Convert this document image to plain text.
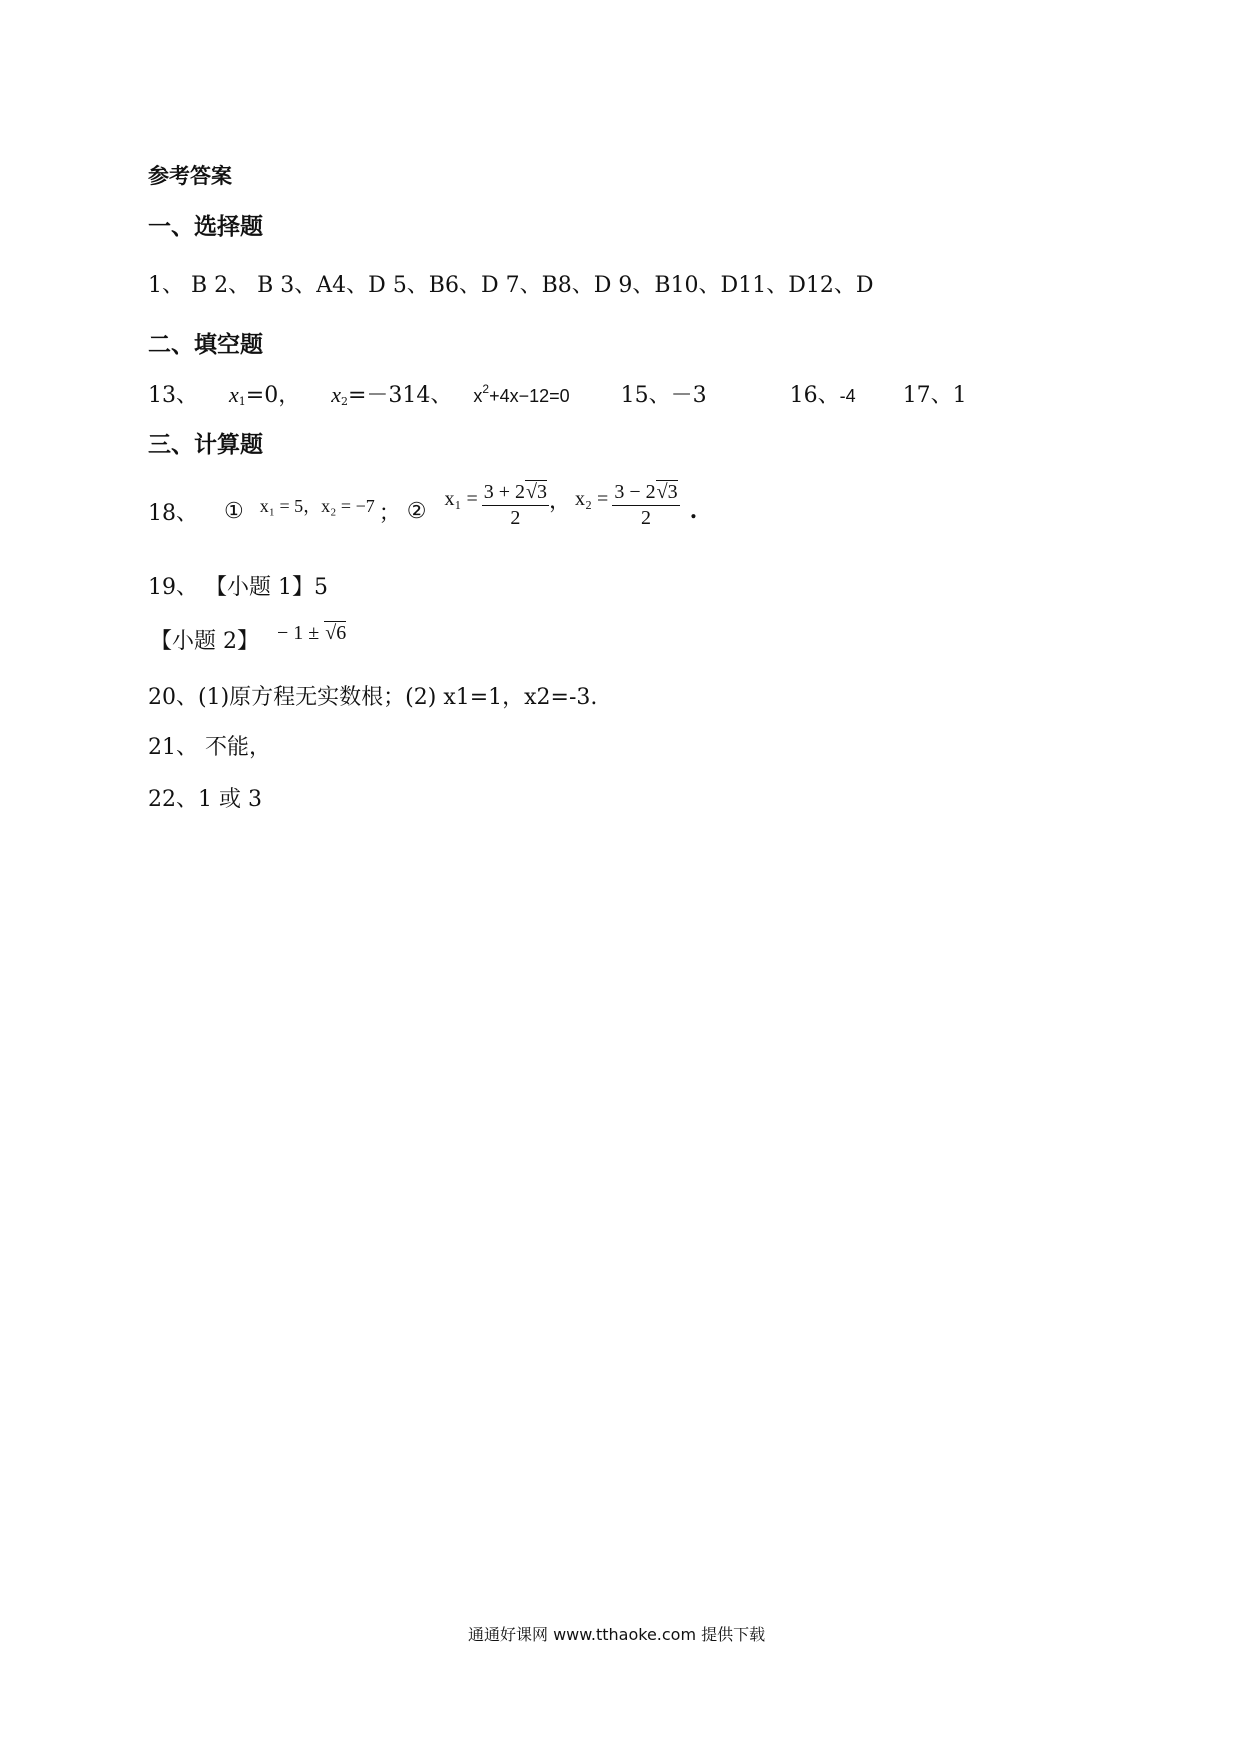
参考答案
一、选择题
1、 B 2、 B 3、A4、D 5、B6、D 7、B8、D 9、B10、D11、D12、D
二、填空题
13、 $x_1=0$， $x_2=-314$、 $x^2+4x-12=0$ 15、－3	16、-4 17、1
三、计算题
18、 ① x₁ = 5，x₂ = −7 ； ② $x_1 = \frac{3 + 2√3}{2}$ ， $x_2 = \frac{3 - 2√3}{2}$ .
19、 【小题 1】5
【小题 2】 − 1 ± √6
20、(1)原方程无实数根；(2) x1=1，x2=-3.
21、 不能，
22、1 或 3
通通好课网 www.tthaoke.com 提供下载
